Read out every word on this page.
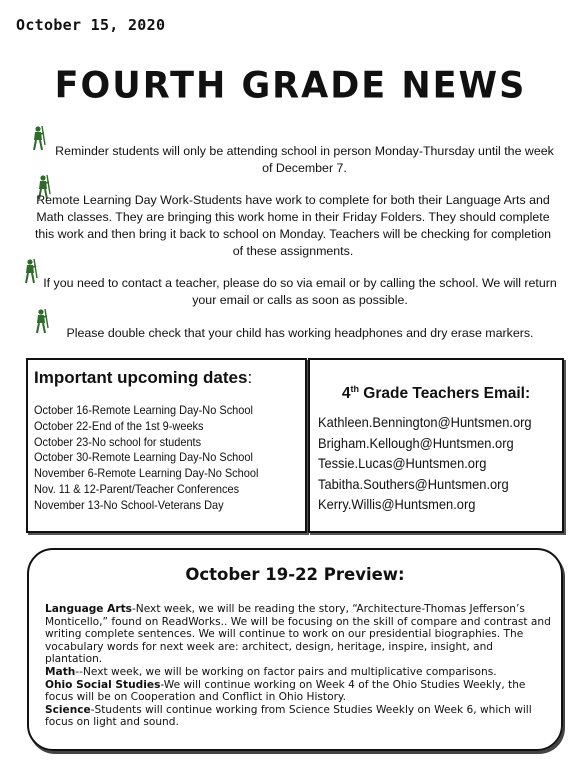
October 15, 2020
FOURTH GRADE NEWS
Reminder students will only be attending school in person Monday-Thursday until the week of December 7.
Remote Learning Day Work-Students have work to complete for both their Language Arts and Math classes. They are bringing this work home in their Friday Folders. They should complete this work and then bring it back to school on Monday. Teachers will be checking for completion of these assignments.
If you need to contact a teacher, please do so via email or by calling the school. We will return your email or calls as soon as possible.
Please double check that your child has working headphones and dry erase markers.
Important upcoming dates:
October 16-Remote Learning Day-No School
October 22-End of the 1st 9-weeks
October 23-No school for students
October 30-Remote Learning Day-No School
November 6-Remote Learning Day-No School
Nov. 11 & 12-Parent/Teacher Conferences
November 13-No School-Veterans Day
4th Grade Teachers Email:
Kathleen.Bennington@Huntsmen.org
Brigham.Kellough@Huntsmen.org
Tessie.Lucas@Huntsmen.org
Tabitha.Southers@Huntsmen.org
Kerry.Willis@Huntsmen.org
October 19-22 Preview:

Language Arts-Next week, we will be reading the story, “Architecture-Thomas Jefferson’s Monticello,” found on ReadWorks.. We will be focusing on the skill of compare and contrast and writing complete sentences. We will continue to work on our presidential biographies. The vocabulary words for next week are: architect, design, heritage, inspire, insight, and plantation.

Math--Next week, we will be working on factor pairs and multiplicative comparisons.

Ohio Social Studies-We will continue working on Week 4 of the Ohio Studies Weekly, the focus will be on Cooperation and Conflict in Ohio History.

Science-Students will continue working from Science Studies Weekly on Week 6, which will focus on light and sound.
